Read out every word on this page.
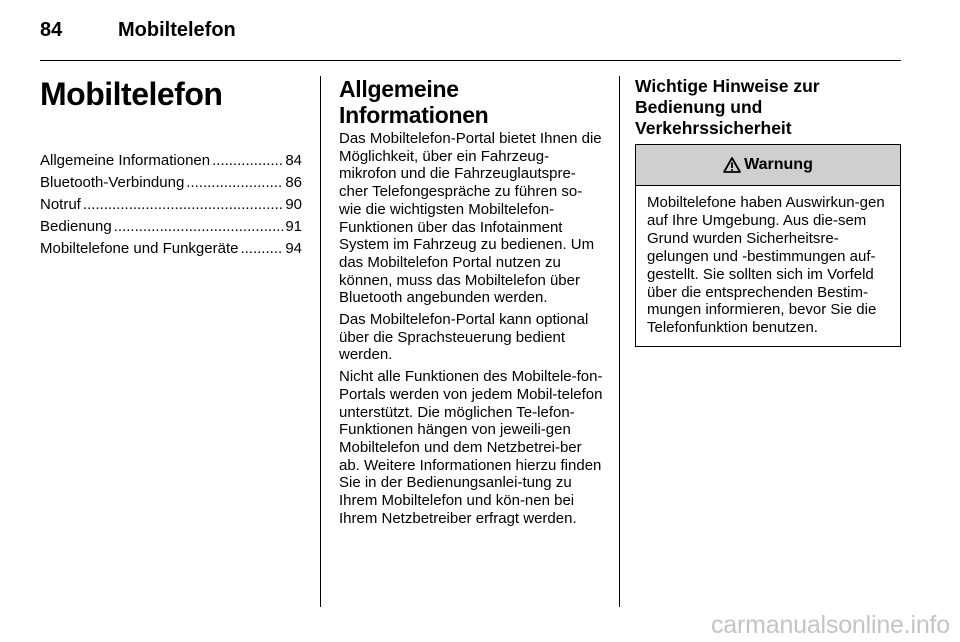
84	Mobiltelefon
Mobiltelefon
Allgemeine Informationen .....	84
Bluetooth-Verbindung .....	86
Notruf .....	90
Bedienung .....	91
Mobiltelefone und Funkgeräte .....	94
Allgemeine Informationen

Das Mobiltelefon-Portal bietet Ihnen die Möglichkeit, über ein Fahrzeug-mikrofon und die Fahrzeuglautspre-cher Telefongespräche zu führen so-wie die wichtigsten Mobiltelefon-Funktionen über das Infotainment System im Fahrzeug zu bedienen. Um das Mobiltelefon Portal nutzen zu können, muss das Mobiltelefon über Bluetooth angebunden werden.

Das Mobiltelefon-Portal kann optional über die Sprachsteuerung bedient werden.

Nicht alle Funktionen des Mobiltele-fon-Portals werden von jedem Mobil-telefon unterstützt. Die möglichen Te-lefon-Funktionen hängen von jeweili-gen Mobiltelefon und dem Netzbetrei-ber ab. Weitere Informationen hierzu finden Sie in der Bedienungsanlei-tung zu Ihrem Mobiltelefon und kön-nen bei Ihrem Netzbetreiber erfragt werden.

Wichtige Hinweise zur Bedienung und Verkehrssicherheit
Warnung
Mobiltelefone haben Auswirkun-gen auf Ihre Umgebung. Aus die-sem Grund wurden Sicherheitsre-gelungen und -bestimmungen auf-gestellt. Sie sollten sich im Vorfeld über die entsprechenden Bestim-mungen informieren, bevor Sie die Telefonfunktion benutzen.
carmanualsonline.info
